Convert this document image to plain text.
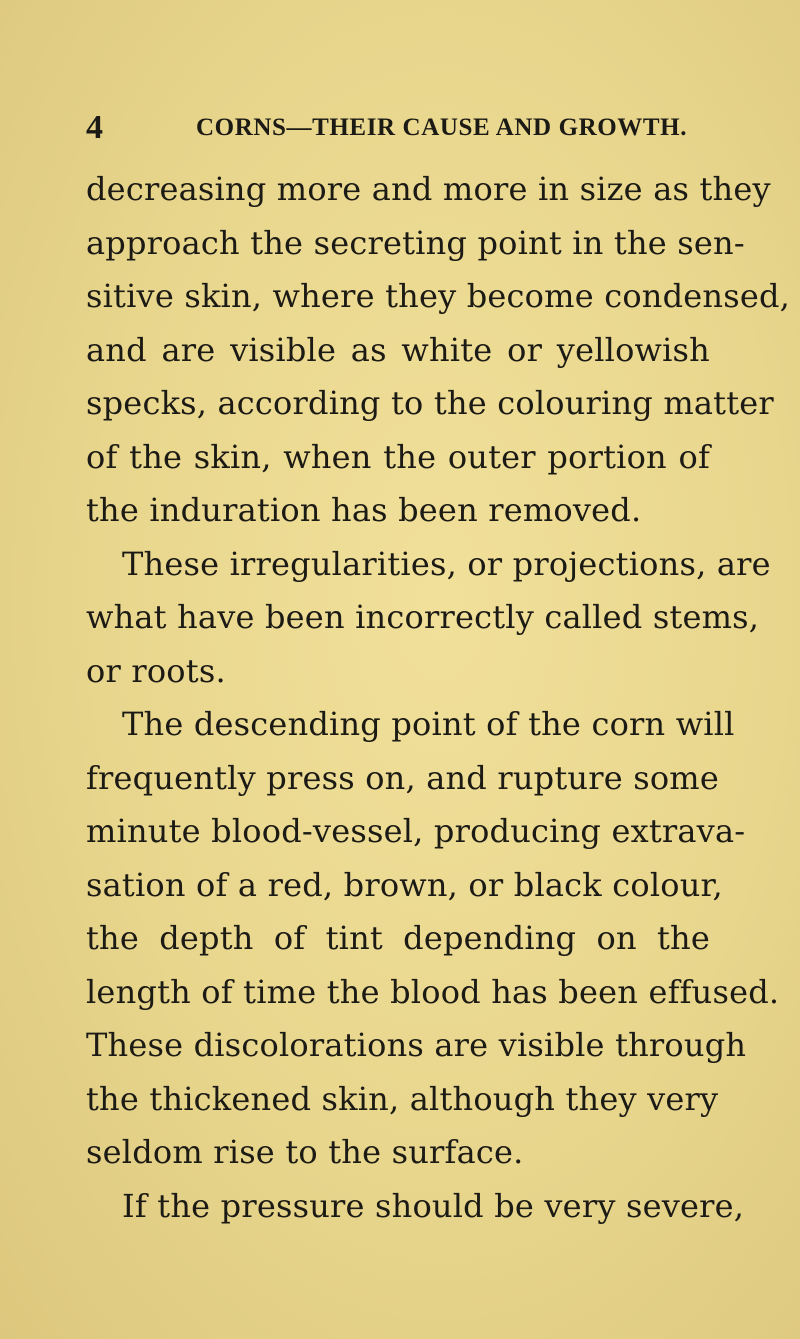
4	CORNS—THEIR CAUSE AND GROWTH.
decreasing more and more in size as they
approach the secreting point in the sen-
sitive skin, where they become condensed,
and are visible as white or yellowish
specks, according to the colouring matter
of the skin, when the outer portion of
the induration has been removed.
These irregularities, or projections, are
what have been incorrectly called stems,
or roots.
The descending point of the corn will
frequently press on, and rupture some
minute blood-vessel, producing extrava-
sation of a red, brown, or black colour,
the depth of tint depending on the
length of time the blood has been effused.
These discolorations are visible through
the thickened skin, although they very
seldom rise to the surface.
If the pressure should be very severe,
